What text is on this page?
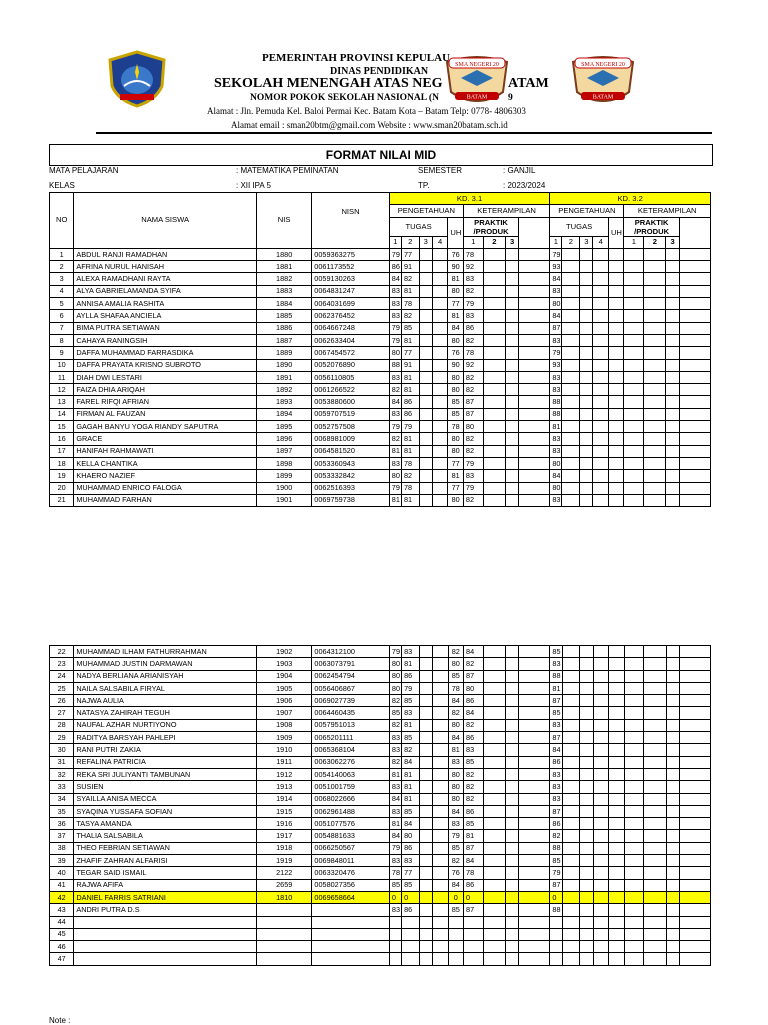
SMA NEGERI 20
BATAM
SMA NEGERI 20
BATAM
PEMERINTAH PROVINSI KEPULAU
DINAS PENDIDIKAN
SEKOLAH MENENGAH ATAS NEG	ATAM
NOMOR POKOK SEKOLAH NASIONAL (N	9
Alamat : Jln. Pemuda Kel. Baloi Permai Kec. Batam Kota – Batam Telp: 0778- 4806303
Alamat email : sman20btm@gmail.com Website : www.sman20batam.sch.id
FORMAT NILAI MID
MATA PELAJARAN	: MATEMATIKA PEMINATAN	SEMESTER	: GANJIL
KELAS	: XII IPA 5	TP.	: 2023/2024
NO	NAMA SISWA	NIS	NISN	KD. 3.1									KD. 3.2								
				PENGETAHUAN					KETERAMPILAN				PENGETAHUAN					KETERAMPILAN			
				TUGAS				UH	PRAKTIK /PRODUK				TUGAS				UH	PRAKTIK /PRODUK			
				1	2	3	4		1	2	3		1	2	3	4		1	2	3	
1	ABDUL RANJI RAMADHAN	1880	0059363275	79	77			76	78				79								
2	AFRINA NURUL HANISAH	1881	0061173552	86	91			90	92				93								
3	ALEXA RAMADHANI RAYTA	1882	0059130263	84	82			81	83				84								
4	ALYA GABRIELAMANDA SYIFA	1883	0064831247	83	81			80	82				83								
5	ANNISA AMALIA RASHITA	1884	0064031699	83	78			77	79				80								
6	AYLLA SHAFAA ANCIELA	1885	0062376452	83	82			81	83				84								
7	BIMA PUTRA SETIAWAN	1886	0064667248	79	85			84	86				87								
8	CAHAYA RANINGSIH	1887	0062633404	79	81			80	82				83								
9	DAFFA MUHAMMAD FARRASDIKA	1889	0067454572	80	77			76	78				79								
10	DAFFA PRAYATA KRISNO SUBROTO	1890	0052076890	88	91			90	92				93								
11	DIAH DWI LESTARI	1891	0056110805	83	81			80	82				83								
12	FAIZA DHIA ARIQAH	1892	0061266522	82	81			80	82				83								
13	FAREL RIFQI AFRIAN	1893	0053880600	84	86			85	87				88								
14	FIRMAN AL FAUZAN	1894	0059707519	83	86			85	87				88								
15	GAGAH BANYU YOGA RIANDY SAPUTRA	1895	0052757508	79	79			78	80				81								
16	GRACE	1896	0068981009	82	81			80	82				83								
17	HANIFAH RAHMAWATI	1897	0064581520	81	81			80	82				83								
18	KELLA CHANTIKA	1898	0053360943	83	78			77	79				80								
19	KHAERO NAZIEF	1899	0053332842	80	82			81	83				84								
20	MUHAMMAD ENRICO FALOGA	1900	0062516393	79	78			77	79				80								
21	MUHAMMAD FARHAN	1901	0069759738	81	81			80	82				83								
22	MUHAMMAD ILHAM FATHURRAHMAN	1902	0064312100	79	83			82	84				85								
23	MUHAMMAD JUSTIN DARMAWAN	1903	0063073791	80	81			80	82				83								
24	NADYA BERLIANA ARIANISYAH	1904	0062454794	80	86			85	87				88								
25	NAILA SALSABILA FIRYAL	1905	0056406867	80	79			78	80				81								
26	NAJWA AULIA	1906	0069027739	82	85			84	86				87								
27	NATASYA ZAHIRAH TEGUH	1907	0064460435	85	83			82	84				85								
28	NAUFAL AZHAR NURTIYONO	1908	0057951013	82	81			80	82				83								
29	RADITYA BARSYAH PAHLEPI	1909	0065201111	83	85			84	86				87								
30	RANI PUTRI ZAKIA	1910	0065368104	83	82			81	83				84								
31	REFALINA PATRICIA	1911	0063062276	82	84			83	85				86								
32	REKA SRI JULIYANTI TAMBUNAN	1912	0054140063	81	81			80	82				83								
33	SUSIEN	1913	0051001759	83	81			80	82				83								
34	SYAILLA ANISA MECCA	1914	0068022666	84	81			80	82				83								
35	SYAQINA YUSSAFA SOFIAN	1915	0062961488	83	85			84	86				87								
36	TASYA AMANDA	1916	0051077576	81	84			83	85				86								
37	THALIA SALSABILA	1917	0054881633	84	80			79	81				82								
38	THEO FEBRIAN SETIAWAN	1918	0066250567	79	86			85	87				88								
39	ZHAFIF ZAHRAN ALFARISI	1919	0069848011	83	83			82	84				85								
40	TEGAR SAID ISMAIL	2122	0063320476	78	77			76	78				79								
41	RAJWA AFIFA	2659	0058027356	85	85			84	86				87								
42	DANIEL FARRIS SATRIANI	1810	0069658664	0	0			0	0				0								
43	ANDRI PUTRA D.S			83	86			85	87				88								
44																					
45																					
46																					
47																					
Note :
